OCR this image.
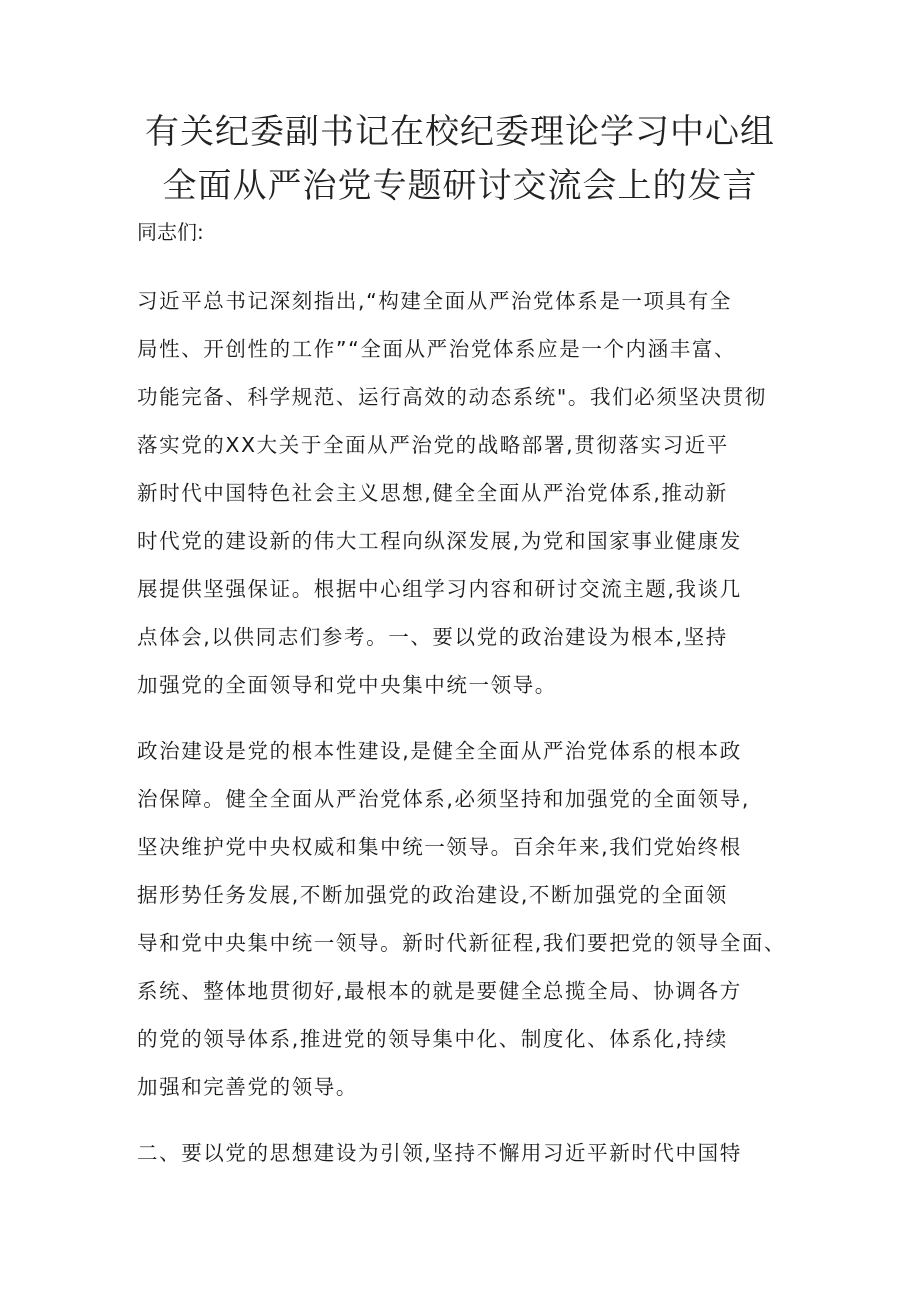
有关纪委副书记在校纪委理论学习中心组
全面从严治党专题研讨交流会上的发言
同志们:
习近平总书记深刻指出,“构建全面从严治党体系是一项具有全
局性、开创性的工作”“全面从严治党体系应是一个内涵丰富、
功能完备、科学规范、运行高效的动态系统"。我们必须坚决贯彻
落实党的XX大关于全面从严治党的战略部署,贯彻落实习近平
新时代中国特色社会主义思想,健全全面从严治党体系,推动新
时代党的建设新的伟大工程向纵深发展,为党和国家事业健康发
展提供坚强保证。根据中心组学习内容和研讨交流主题,我谈几
点体会,以供同志们参考。一、要以党的政治建设为根本,坚持
加强党的全面领导和党中央集中统一领导。
政治建设是党的根本性建设,是健全全面从严治党体系的根本政
治保障。健全全面从严治党体系,必须坚持和加强党的全面领导,
坚决维护党中央权威和集中统一领导。百余年来,我们党始终根
据形势任务发展,不断加强党的政治建设,不断加强党的全面领
导和党中央集中统一领导。新时代新征程,我们要把党的领导全面、
系统、整体地贯彻好,最根本的就是要健全总揽全局、协调各方
的党的领导体系,推进党的领导集中化、制度化、体系化,持续
加强和完善党的领导。
二、要以党的思想建设为引领,坚持不懈用习近平新时代中国特
